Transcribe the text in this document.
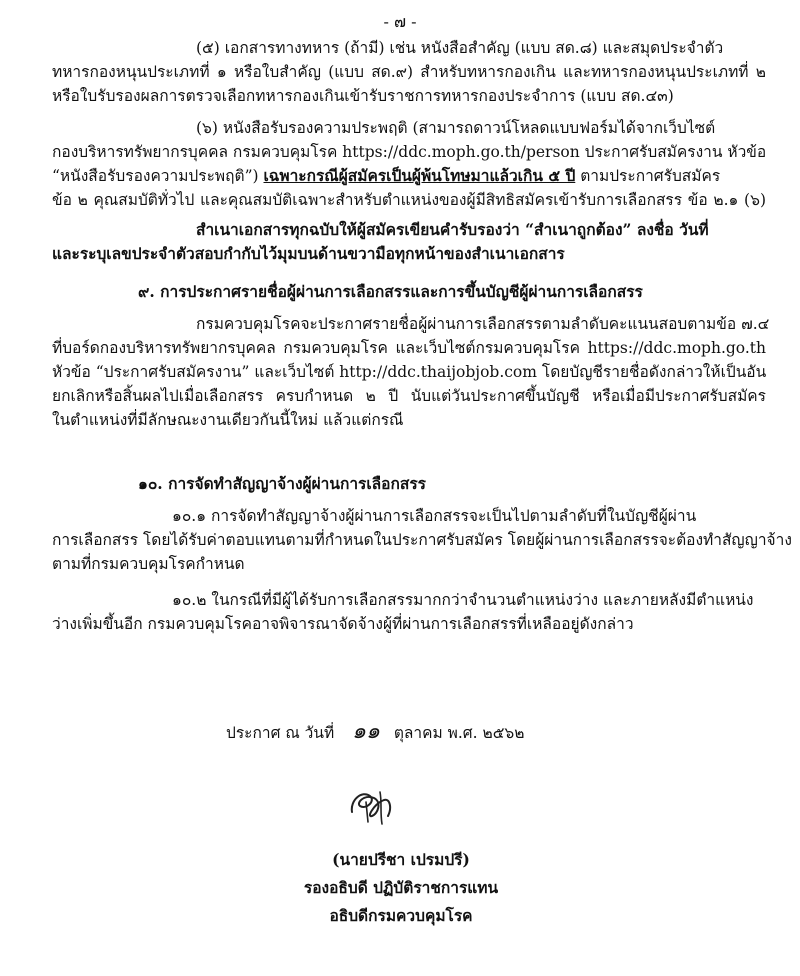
- ๗ -
(๕) เอกสารทางทหาร (ถ้ามี) เช่น หนังสือสำคัญ (แบบ สด.๘) และสมุดประจำตัว
ทหารกองหนุนประเภทที่ ๑ หรือใบสำคัญ (แบบ สด.๙) สำหรับทหารกองเกิน และทหารกองหนุนประเภทที่ ๒
หรือใบรับรองผลการตรวจเลือกทหารกองเกินเข้ารับราชการทหารกองประจำการ (แบบ สด.๔๓)
(๖) หนังสือรับรองความประพฤติ (สามารถดาวน์โหลดแบบฟอร์มได้จากเว็บไซต์
กองบริหารทรัพยากรบุคคล กรมควบคุมโรค https://ddc.moph.go.th/person ประกาศรับสมัครงาน หัวข้อ
“หนังสือรับรองความประพฤติ”) เฉพาะกรณีผู้สมัครเป็นผู้พ้นโทษมาแล้วเกิน ๕ ปี ตามประกาศรับสมัคร
ข้อ ๒ คุณสมบัติทั่วไป และคุณสมบัติเฉพาะสำหรับตำแหน่งของผู้มีสิทธิสมัครเข้ารับการเลือกสรร ข้อ ๒.๑ (๖)
สำเนาเอกสารทุกฉบับให้ผู้สมัครเขียนคำรับรองว่า “สำเนาถูกต้อง” ลงชื่อ วันที่
และระบุเลขประจำตัวสอบกำกับไว้มุมบนด้านขวามือทุกหน้าของสำเนาเอกสาร
๙. การประกาศรายชื่อผู้ผ่านการเลือกสรรและการขึ้นบัญชีผู้ผ่านการเลือกสรร
กรมควบคุมโรคจะประกาศรายชื่อผู้ผ่านการเลือกสรรตามลำดับคะแนนสอบตามข้อ ๗.๔
ที่บอร์ดกองบริหารทรัพยากรบุคคล กรมควบคุมโรค และเว็บไซต์กรมควบคุมโรค https://ddc.moph.go.th
หัวข้อ “ประกาศรับสมัครงาน” และเว็บไซต์ http://ddc.thaijobjob.com โดยบัญชีรายชื่อดังกล่าวให้เป็นอัน
ยกเลิกหรือสิ้นผลไปเมื่อเลือกสรร ครบกำหนด ๒ ปี นับแต่วันประกาศขึ้นบัญชี หรือเมื่อมีประกาศรับสมัคร
ในตำแหน่งที่มีลักษณะงานเดียวกันนี้ใหม่ แล้วแต่กรณี
๑๐. การจัดทำสัญญาจ้างผู้ผ่านการเลือกสรร
๑๐.๑ การจัดทำสัญญาจ้างผู้ผ่านการเลือกสรรจะเป็นไปตามลำดับที่ในบัญชีผู้ผ่าน
การเลือกสรร โดยได้รับค่าตอบแทนตามที่กำหนดในประกาศรับสมัคร โดยผู้ผ่านการเลือกสรรจะต้องทำสัญญาจ้าง
ตามที่กรมควบคุมโรคกำหนด
๑๐.๒ ในกรณีที่มีผู้ได้รับการเลือกสรรมากกว่าจำนวนตำแหน่งว่าง และภายหลังมีตำแหน่ง
ว่างเพิ่มขึ้นอีก กรมควบคุมโรคอาจพิจารณาจัดจ้างผู้ที่ผ่านการเลือกสรรที่เหลืออยู่ดังกล่าว
ประกาศ ณ วันที่ ๑๑ ตุลาคม พ.ศ. ๒๕๖๒
(นายปรีชา เปรมปรี)
รองอธิบดี ปฏิบัติราชการแทน
อธิบดีกรมควบคุมโรค
